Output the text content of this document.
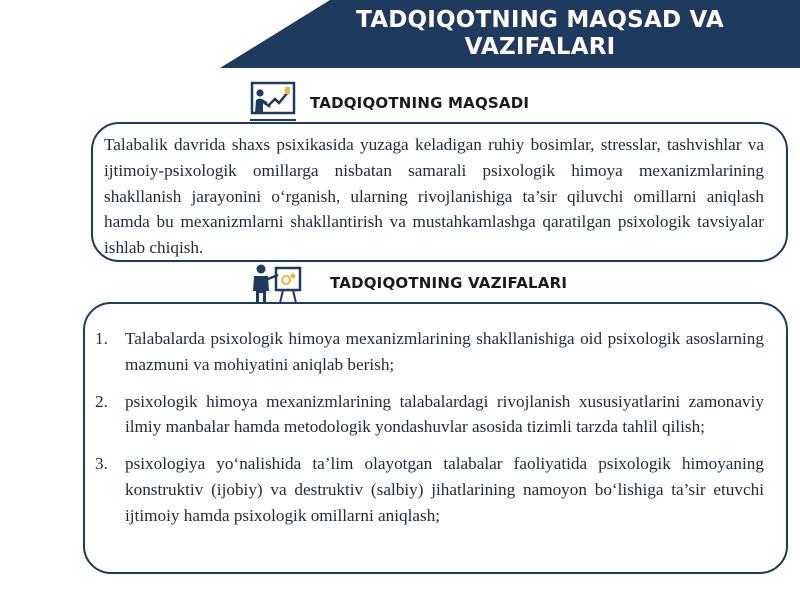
TADQIQOTNING MAQSAD VA VAZIFALARI
TADQIQOTNING MAQSADI

Talabalik davrida shaxs psixikasida yuzaga keladigan ruhiy bosimlar, stresslar, tashvishlar va ijtimoiy-psixologik omillarga nisbatan samarali psixologik himoya mexanizmlarining shakllanish jarayonini o‘rganish, ularning rivojlanishiga ta’sir qiluvchi omillarni aniqlash hamda bu mexanizmlarni shakllantirish va mustahkamlashga qaratilgan psixologik tavsiyalar ishlab chiqish.

TADQIQOTNING VAZIFALARI
1. Talabalarda psixologik himoya mexanizmlarining shakllanishiga oid psixologik asoslarning mazmuni va mohiyatini aniqlab berish;
2. psixologik himoya mexanizmlarining talabalardagi rivojlanish xususiyatlarini zamonaviy ilmiy manbalar hamda metodologik yondashuvlar asosida tizimli tarzda tahlil qilish;
3. psixologiya yo‘nalishida ta’lim olayotgan talabalar faoliyatida psixologik himoyaning konstruktiv (ijobiy) va destruktiv (salbiy) jihatlarining namoyon bo‘lishiga ta’sir etuvchi ijtimoiy hamda psixologik omillarni aniqlash;
